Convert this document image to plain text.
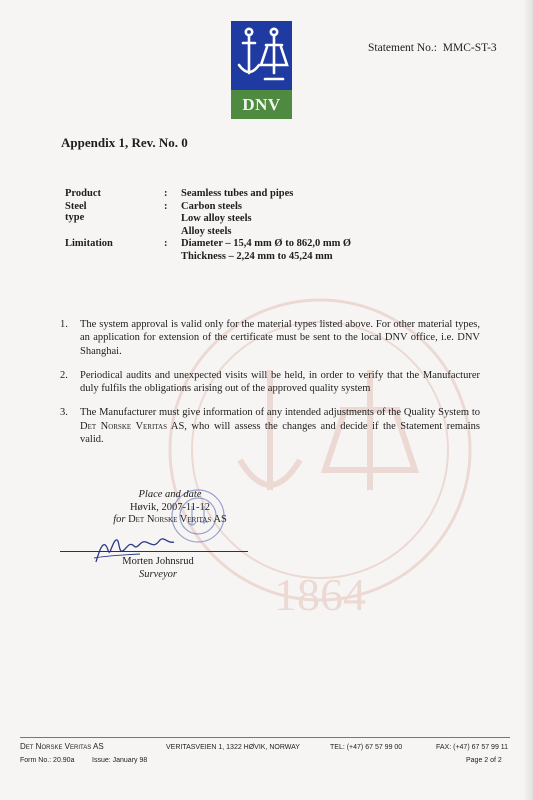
1864
DNV
Statement No.: MMC-ST-3
Appendix 1, Rev. No. 0
Product	: Seamless tubes and pipes
Steel type
: Carbon steels
Low alloy steels
Alloy steels
Limitation	: Diameter – 15,4 mm Ø to 862,0 mm Ø
Thickness – 2,24 mm to 45,24 mm
1. The system approval is valid only for the material types listed above. For other material types, an application for extension of the certificate must be sent to the local DNV office, i.e. DNV Shanghai.
2. Periodical audits and unexpected visits will be held, in order to verify that the Manufacturer duly fulfils the obligations arising out of the approved quality system
3. The Manufacturer must give information of any intended adjustments of the Quality System to Det Norske Veritas AS, who will assess the changes and decide if the Statement remains valid.
Place and date
Høvik, 2007-11-12
for Det Norske Veritas AS
Morten Johnsrud
Surveyor
Det Norske Veritas AS	VERITASVEIEN 1, 1322 HØVIK, NORWAY	TEL: (+47) 67 57 99 00	FAX: (+47) 67 57 99 11
Form No.: 20.90a	Issue: January 98	Page 2 of 2
